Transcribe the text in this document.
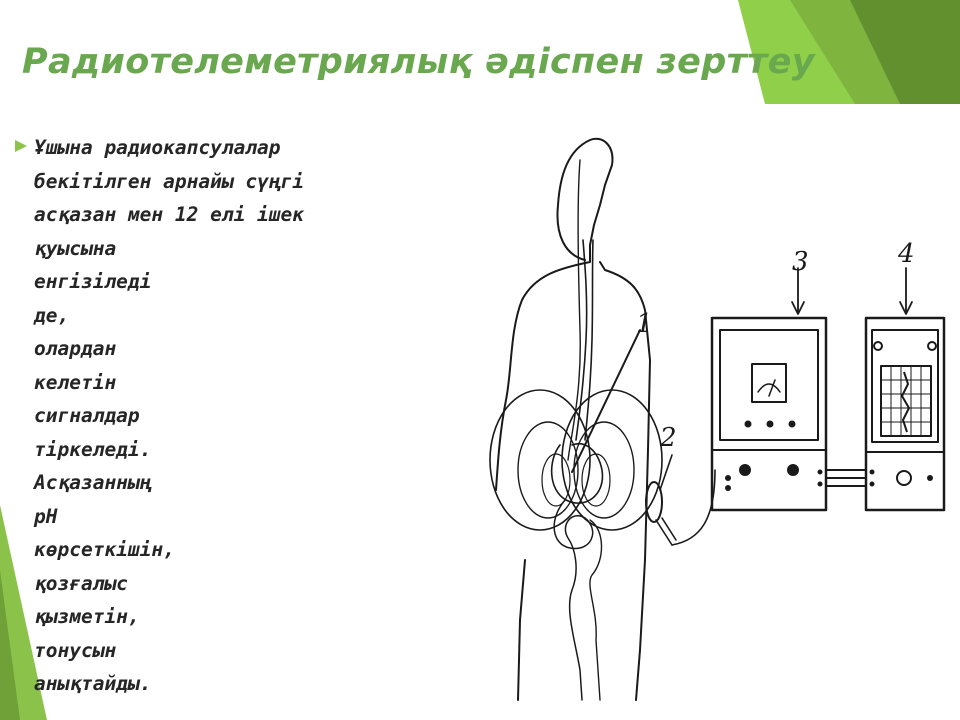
Радиотелеметриялық әдіспен зерттеу
Ұшына радиокапсулалар
бекітілген арнайы сүңгі
асқазан мен 12 елі ішек
қуысына
енгізіледі
де,
олардан
келетін
сигналдар
тіркеледі.
Асқазанның
рН
көрсеткішін,
қозғалыс
қызметін,
тонусын
анықтайды.
1
2
3	4
